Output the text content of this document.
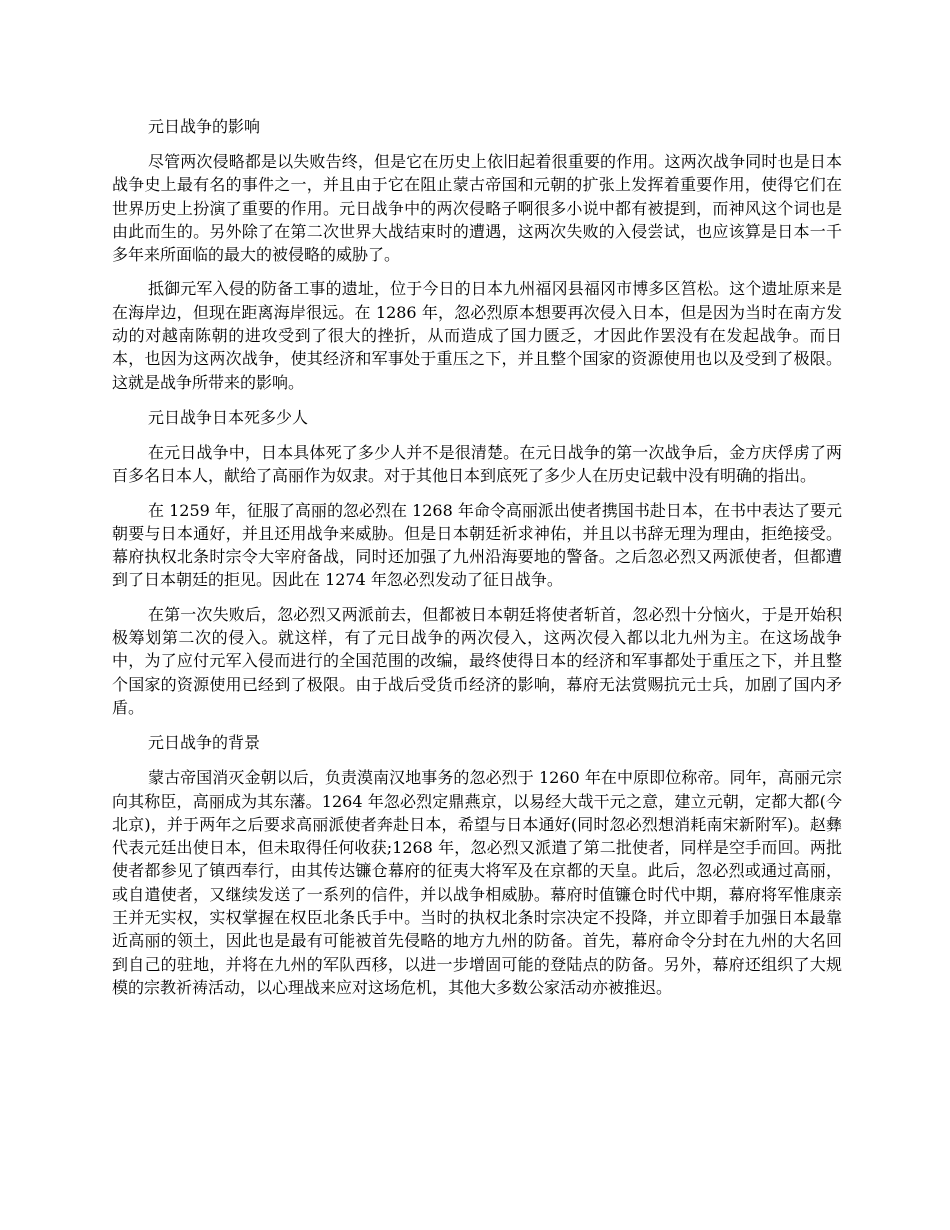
元日战争的影响

尽管两次侵略都是以失败告终，但是它在历史上依旧起着很重要的作用。这两次战争同时也是日本战争史上最有名的事件之一，并且由于它在阻止蒙古帝国和元朝的扩张上发挥着重要作用，使得它们在世界历史上扮演了重要的作用。元日战争中的两次侵略子啊很多小说中都有被提到，而神风这个词也是由此而生的。另外除了在第二次世界大战结束时的遭遇，这两次失败的入侵尝试，也应该算是日本一千多年来所面临的最大的被侵略的威胁了。

抵御元军入侵的防备工事的遗址，位于今日的日本九州福冈县福冈市博多区筥松。这个遗址原来是在海岸边，但现在距离海岸很远。在 1286 年，忽必烈原本想要再次侵入日本，但是因为当时在南方发动的对越南陈朝的进攻受到了很大的挫折，从而造成了国力匮乏，才因此作罢没有在发起战争。而日本，也因为这两次战争，使其经济和军事处于重压之下，并且整个国家的资源使用也以及受到了极限。这就是战争所带来的影响。

元日战争日本死多少人

在元日战争中，日本具体死了多少人并不是很清楚。在元日战争的第一次战争后，金方庆俘虏了两百多名日本人，献给了高丽作为奴隶。对于其他日本到底死了多少人在历史记载中没有明确的指出。

在 1259 年，征服了高丽的忽必烈在 1268 年命令高丽派出使者携国书赴日本，在书中表达了要元朝要与日本通好，并且还用战争来威胁。但是日本朝廷祈求神佑，并且以书辞无理为理由，拒绝接受。幕府执权北条时宗令大宰府备战，同时还加强了九州沿海要地的警备。之后忽必烈又两派使者，但都遭到了日本朝廷的拒见。因此在 1274 年忽必烈发动了征日战争。

在第一次失败后，忽必烈又两派前去，但都被日本朝廷将使者斩首，忽必烈十分恼火，于是开始积极筹划第二次的侵入。就这样，有了元日战争的两次侵入，这两次侵入都以北九州为主。在这场战争中，为了应付元军入侵而进行的全国范围的改编，最终使得日本的经济和军事都处于重压之下，并且整个国家的资源使用已经到了极限。由于战后受货币经济的影响，幕府无法赏赐抗元士兵，加剧了国内矛盾。

元日战争的背景

蒙古帝国消灭金朝以后，负责漠南汉地事务的忽必烈于 1260 年在中原即位称帝。同年，高丽元宗向其称臣，高丽成为其东藩。1264 年忽必烈定鼎燕京，以易经大哉干元之意，建立元朝，定都大都(今北京)，并于两年之后要求高丽派使者奔赴日本，希望与日本通好(同时忽必烈想消耗南宋新附军)。赵彝代表元廷出使日本，但未取得任何收获;1268 年，忽必烈又派遣了第二批使者，同样是空手而回。两批使者都参见了镇西奉行，由其传达镰仓幕府的征夷大将军及在京都的天皇。此后，忽必烈或通过高丽，或自遣使者，又继续发送了一系列的信件，并以战争相威胁。幕府时值镰仓时代中期，幕府将军惟康亲王并无实权，实权掌握在权臣北条氏手中。当时的执权北条时宗决定不投降，并立即着手加强日本最靠近高丽的领土，因此也是最有可能被首先侵略的地方九州的防备。首先，幕府命令分封在九州的大名回到自己的驻地，并将在九州的军队西移，以进一步增固可能的登陆点的防备。另外，幕府还组织了大规模的宗教祈祷活动，以心理战来应对这场危机，其他大多数公家活动亦被推迟。
